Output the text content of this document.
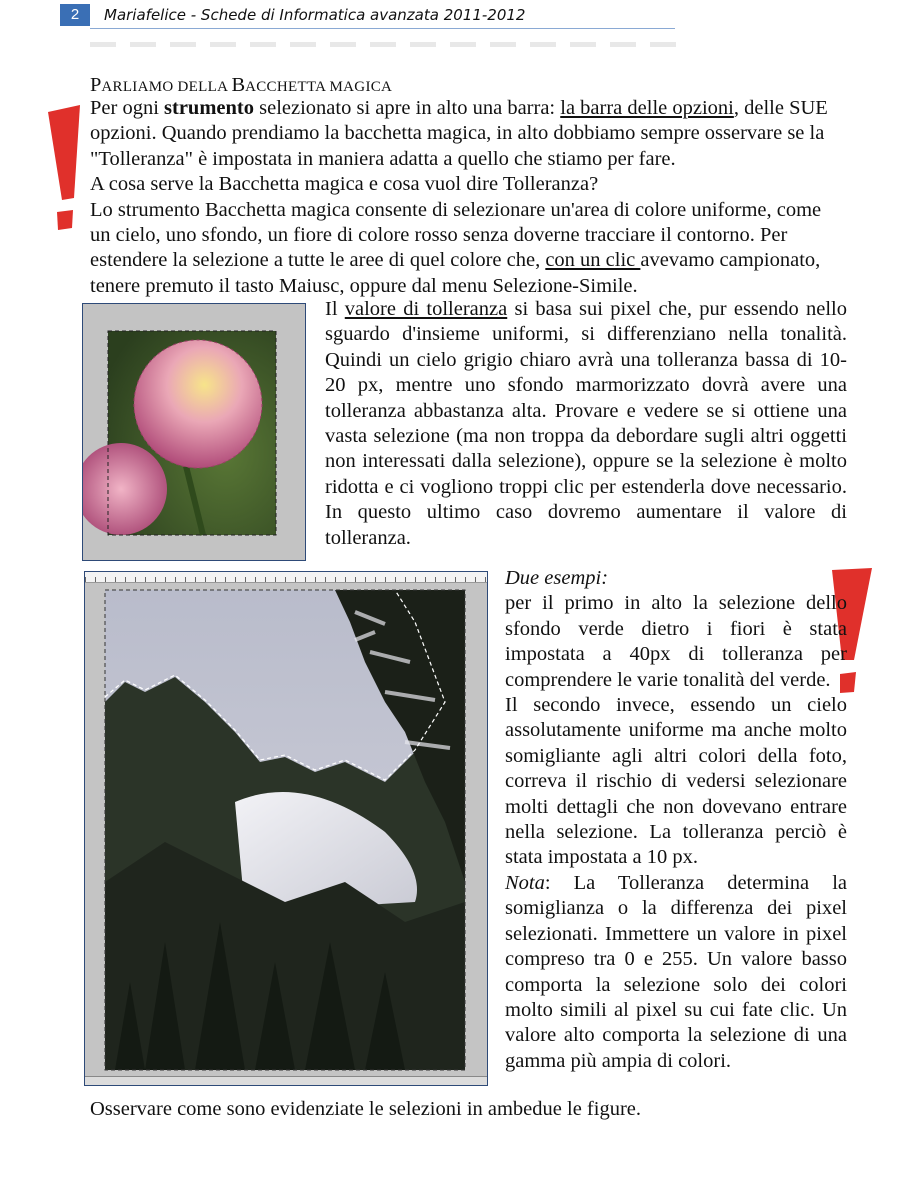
2	Mariafelice - Schede di Informatica avanzata 2011-2012
PARLIAMO DELLA BACCHETTA MAGICA
Per ogni strumento selezionato si apre in alto una barra: la barra delle opzioni, delle SUE opzioni. Quando prendiamo la bacchetta magica, in alto dobbiamo sempre osservare se la "Tolleranza" è impostata in maniera adatta a quello che stiamo per fare.
A cosa serve la Bacchetta magica e cosa vuol dire Tolleranza?
Lo strumento Bacchetta magica consente di selezionare un'area di colore uniforme, come un cielo, uno sfondo, un fiore di colore rosso senza doverne tracciare il contorno. Per estendere la selezione a tutte le aree di quel colore che, con un clic avevamo campionato, tenere premuto il tasto Maiusc, oppure dal menu Selezione-Simile.
Il valore di tolleranza si basa sui pixel che, pur essendo nello sguardo d'insieme uniformi, si differenziano nella tonalità. Quindi un cielo grigio chiaro avrà una tolleranza bassa di 10-20 px, mentre uno sfondo marmorizzato dovrà avere una tolleranza abbastanza alta. Provare e vedere se si ottiene una vasta selezione (ma non troppa da debordare sugli altri oggetti non interessati dalla selezione), oppure se la selezione è molto ridotta e ci vogliono troppi clic per estenderla dove necessario. In questo ultimo caso dovremo aumentare il valore di tolleranza.
Due esempi:
per il primo in alto la selezione dello sfondo verde dietro i fiori è stata impostata a 40px di tolleranza per comprendere le varie tonalità del verde.
Il secondo invece, essendo un cielo assolutamente uniforme ma anche molto somigliante agli altri colori della foto, correva il rischio di vedersi selezionare molti dettagli che non dovevano entrare nella selezione. La tolleranza perciò è stata impostata a 10 px.
Nota: La Tolleranza determina la somiglianza o la differenza dei pixel selezionati. Immettere un valore in pixel compreso tra 0 e 255. Un valore basso comporta la selezione solo dei colori molto simili al pixel su cui fate clic. Un valore alto comporta la selezione di una gamma più ampia di colori.
Osservare come sono evidenziate le selezioni in ambedue le figure.
